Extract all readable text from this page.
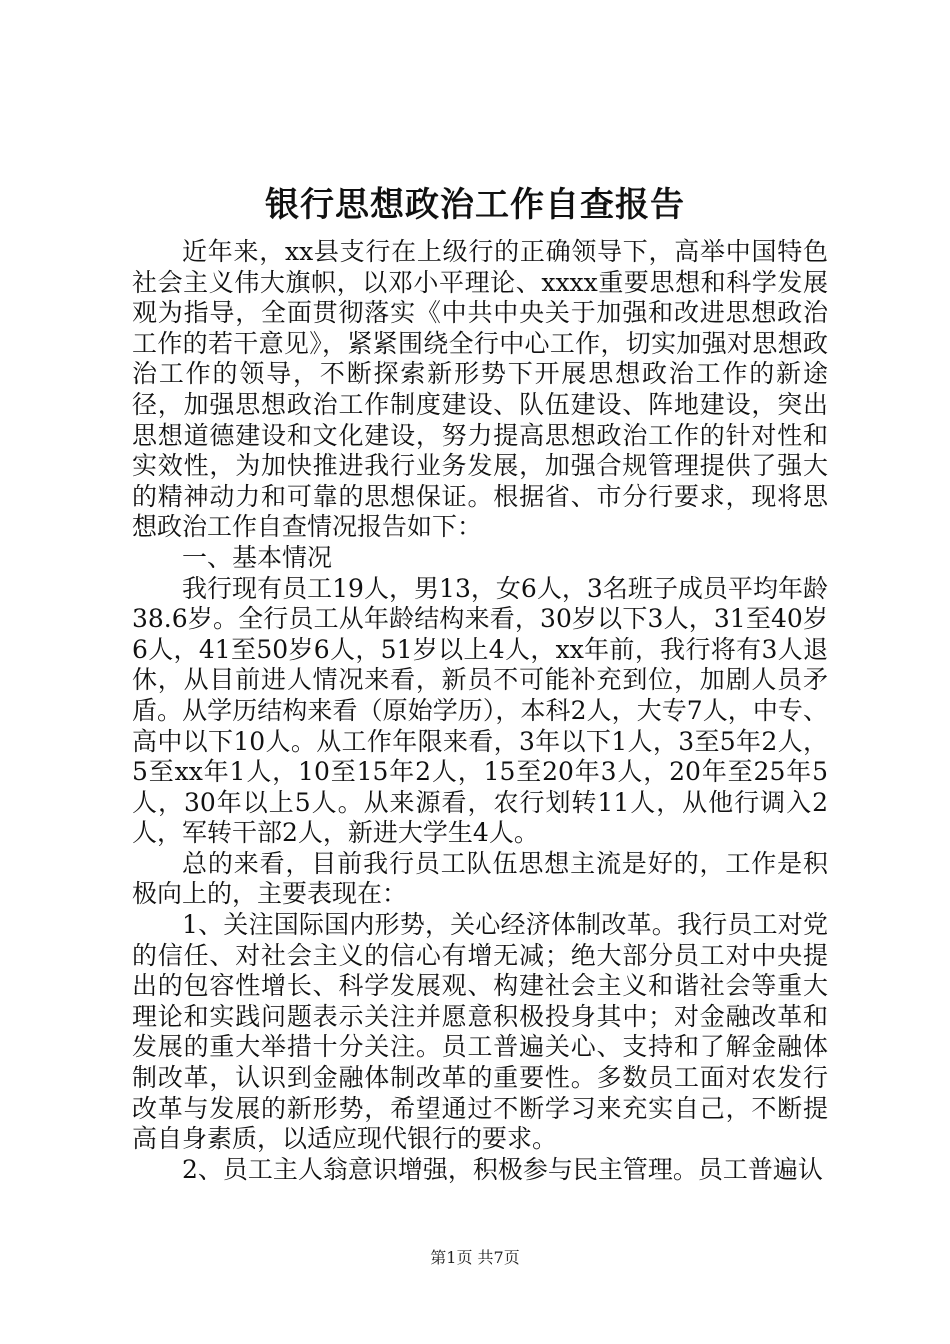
银行思想政治工作自查报告

近年来，xx县支行在上级行的正确领导下，高举中国特色社会主义伟大旗帜，以邓小平理论、xxxx重要思想和科学发展观为指导，全面贯彻落实《中共中央关于加强和改进思想政治工作的若干意见》，紧紧围绕全行中心工作，切实加强对思想政治工作的领导，不断探索新形势下开展思想政治工作的新途径，加强思想政治工作制度建设、队伍建设、阵地建设，突出思想道德建设和文化建设，努力提高思想政治工作的针对性和实效性，为加快推进我行业务发展，加强合规管理提供了强大的精神动力和可靠的思想保证。根据省、市分行要求，现将思想政治工作自查情况报告如下：

一、基本情况

我行现有员工19人，男13，女6人，3名班子成员平均年龄38.6岁。全行员工从年龄结构来看，30岁以下3人，31至40岁6人，41至50岁6人，51岁以上4人，xx年前，我行将有3人退休，从目前进人情况来看，新员不可能补充到位，加剧人员矛盾。从学历结构来看（原始学历），本科2人，大专7人，中专、高中以下10人。从工作年限来看，3年以下1人，3至5年2人，5至xx年1人，10至15年2人，15至20年3人，20年至25年5人，30年以上5人。从来源看，农行划转11人，从他行调入2人，军转干部2人，新进大学生4人。

总的来看，目前我行员工队伍思想主流是好的，工作是积极向上的，主要表现在：

1、关注国际国内形势，关心经济体制改革。我行员工对党的信任、对社会主义的信心有增无减；绝大部分员工对中央提出的包容性增长、科学发展观、构建社会主义和谐社会等重大理论和实践问题表示关注并愿意积极投身其中；对金融改革和发展的重大举措十分关注。员工普遍关心、支持和了解金融体制改革，认识到金融体制改革的重要性。多数员工面对农发行改革与发展的新形势，希望通过不断学习来充实自己，不断提高自身素质，以适应现代银行的要求。

2、员工主人翁意识增强，积极参与民主管理。员工普遍认

第1页 共7页
